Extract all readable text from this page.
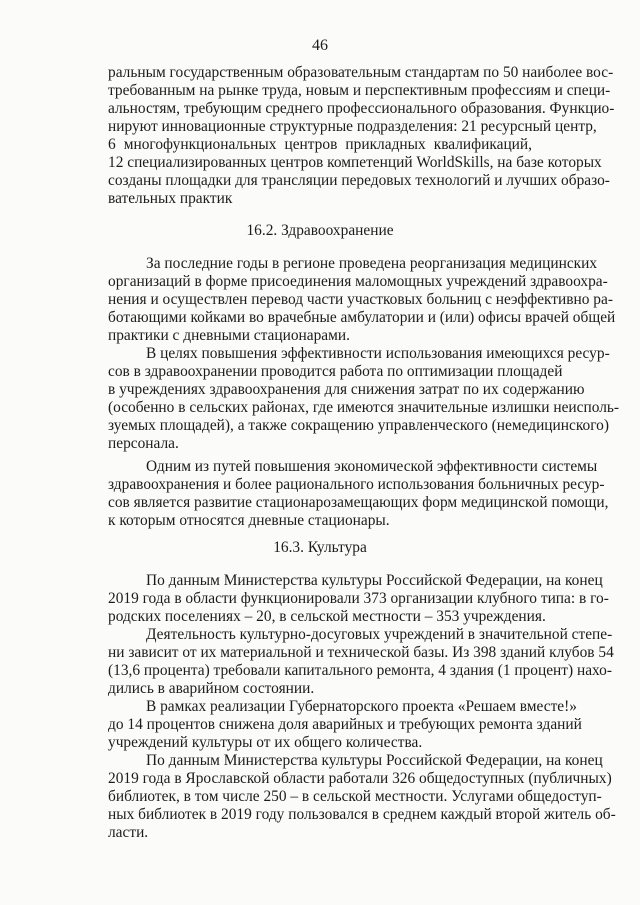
46
ральным государственным образовательным стандартам по 50 наиболее вос-
требованным на рынке труда, новым и перспективным профессиям и специ-
альностям, требующим среднего профессионального образования. Функцио-
нируют инновационные структурные подразделения: 21 ресурсный центр,
6 многофункциональных центров прикладных квалификаций,
12 специализированных центров компетенций WorldSkills, на базе которых
созданы площадки для трансляции передовых технологий и лучших образо-
вательных практик
16.2. Здравоохранение
За последние годы в регионе проведена реорганизация медицинских
организаций в форме присоединения маломощных учреждений здравоохра-
нения и осуществлен перевод части участковых больниц с неэффективно ра-
ботающими койками во врачебные амбулатории и (или) офисы врачей общей
практики с дневными стационарами.
В целях повышения эффективности использования имеющихся ресур-
сов в здравоохранении проводится работа по оптимизации площадей
в учреждениях здравоохранения для снижения затрат по их содержанию
(особенно в сельских районах, где имеются значительные излишки неисполь-
зуемых площадей), а также сокращению управленческого (немедицинского)
персонала.
Одним из путей повышения экономической эффективности системы
здравоохранения и более рационального использования больничных ресур-
сов является развитие стационарозамещающих форм медицинской помощи,
к которым относятся дневные стационары.
16.3. Культура
По данным Министерства культуры Российской Федерации, на конец
2019 года в области функционировали 373 организации клубного типа: в го-
родских поселениях – 20, в сельской местности – 353 учреждения.
Деятельность культурно-досуговых учреждений в значительной степе-
ни зависит от их материальной и технической базы. Из 398 зданий клубов 54
(13,6 процента) требовали капитального ремонта, 4 здания (1 процент) нахо-
дились в аварийном состоянии.
В рамках реализации Губернаторского проекта «Решаем вместе!»
до 14 процентов снижена доля аварийных и требующих ремонта зданий
учреждений культуры от их общего количества.
По данным Министерства культуры Российской Федерации, на конец
2019 года в Ярославской области работали 326 общедоступных (публичных)
библиотек, в том числе 250 – в сельской местности. Услугами общедоступ-
ных библиотек в 2019 году пользовался в среднем каждый второй житель об-
ласти.
